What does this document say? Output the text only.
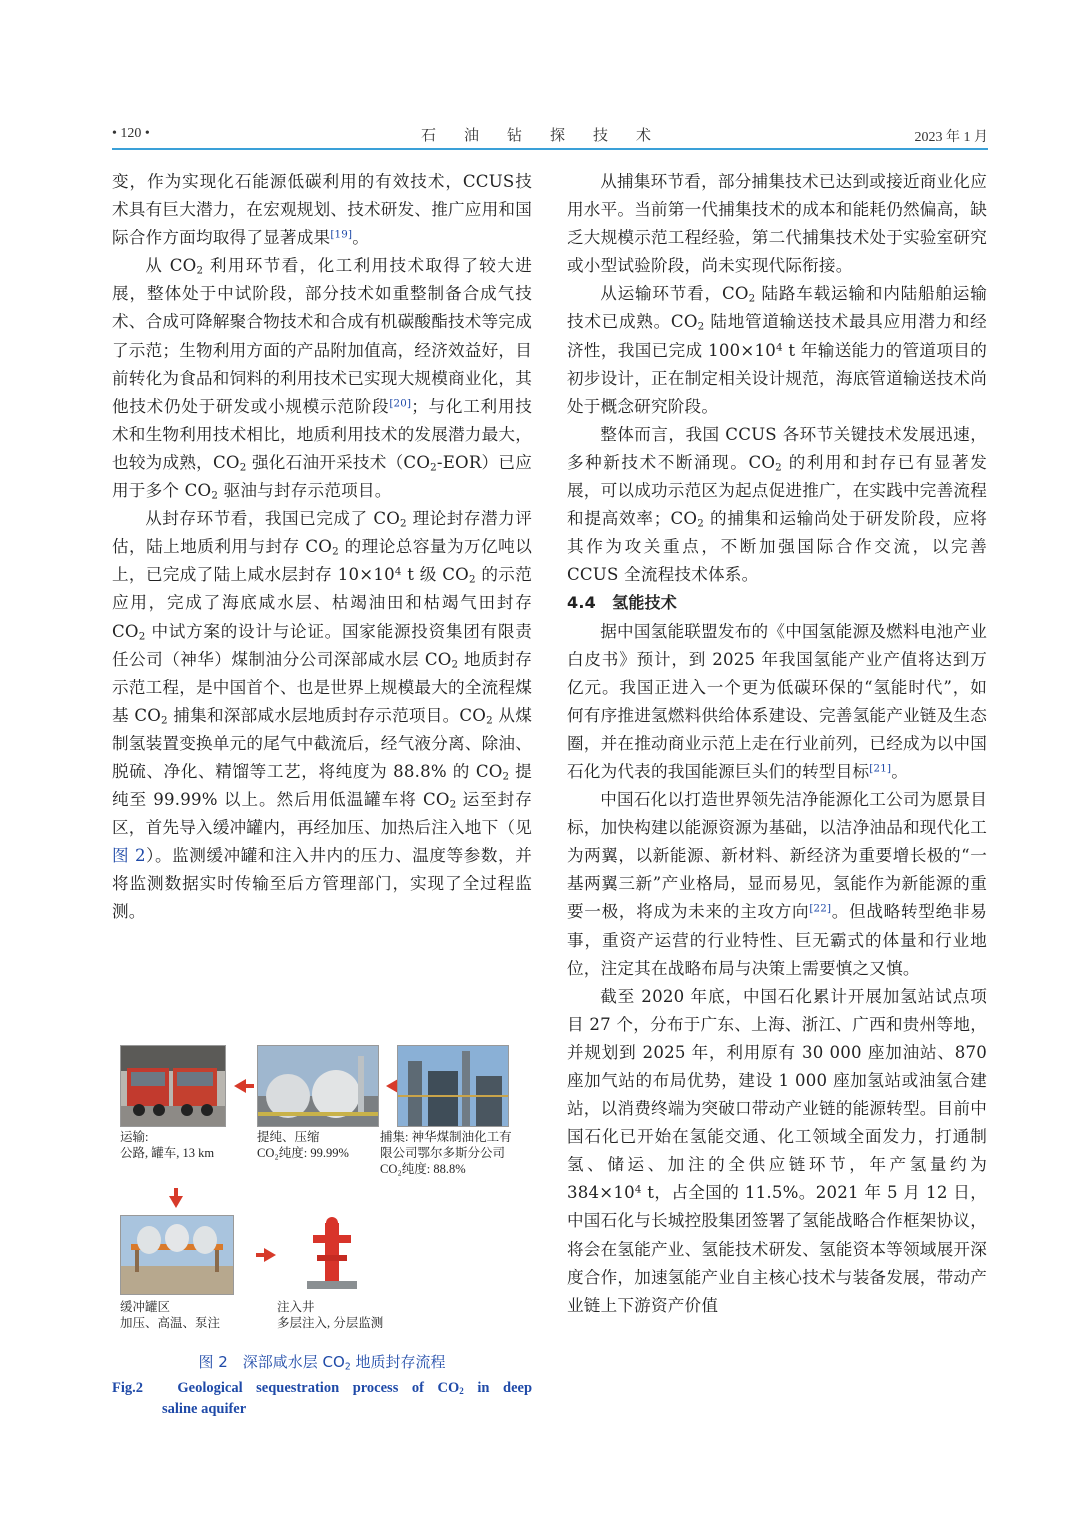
• 120 •	石油钻探技术	2023 年 1 月

变，作为实现化石能源低碳利用的有效技术，CCUS技术具有巨大潜力，在宏观规划、技术研发、推广应用和国际合作方面均取得了显著成果[19]。

从 $CO_2$ 利用环节看，化工利用技术取得了较大进展，整体处于中试阶段，部分技术如重整制备合成气技术、合成可降解聚合物技术和合成有机碳酸酯技术等完成了示范；生物利用方面的产品附加值高，经济效益好，目前转化为食品和饲料的利用技术已实现大规模商业化，其他技术仍处于研发或小规模示范阶段[20]；与化工利用技术和生物利用技术相比，地质利用技术的发展潜力最大，也较为成熟，$CO_2$ 强化石油开采技术$(CO_2-EOR)$已应用于多个 $CO_2$ 驱油与封存示范项目。

从封存环节看，我国已完成了 $CO_2$ 理论封存潜力评估，陆上地质利用与封存 $CO_2$ 的理论总容量为万亿吨以上，已完成了陆上咸水层封存 $10\times 10^4$ t 级 $CO_2$ 的示范应用，完成了海底咸水层、枯竭油田和枯竭气田封存 $CO_2$ 中试方案的设计与论证。国家能源投资集团有限责任公司（神华）煤制油分公司深部咸水层 $CO_2$ 地质封存示范工程，是中国首个、也是世界上规模最大的全流程煤基 $CO_2$ 捕集和深部咸水层地质封存示范项目。$CO_2$ 从煤制氢装置变换单元的尾气中截流后，经气液分离、除油、脱硫、净化、精馏等工艺，将纯度为 88.8% 的 $CO_2$ 提纯至 99.99% 以上。然后用低温罐车将 $CO_2$ 运至封存区，首先导入缓冲罐内，再经加压、加热后注入地下（见图 2）。监测缓冲罐和注入井内的压力、温度等参数，并将监测数据实时传输至后方管理部门，实现了全过程监测。

运输:
公路, 罐车, 13 km
提纯、压缩
CO₂纯度: 99.99%
捕集: 神华煤制油化工有
限公司鄂尔多斯分公司
CO₂纯度: 88.8%
缓冲罐区
加压、高温、泵注
注入井
多层注入, 分层监测
图 2　深部咸水层 $CO_2$ 地质封存流程
Fig.2　Geological sequestration process of $CO_2$ in deep
saline aquifer

从捕集环节看，部分捕集技术已达到或接近商业化应用水平。当前第一代捕集技术的成本和能耗仍然偏高，缺乏大规模示范工程经验，第二代捕集技术处于实验室研究或小型试验阶段，尚未实现代际衔接。

从运输环节看，$CO_2$ 陆路车载运输和内陆船舶运输技术已成熟。$CO_2$ 陆地管道输送技术最具应用潜力和经济性，我国已完成 $100\times 10^4$ t 年输送能力的管道项目的初步设计，正在制定相关设计规范，海底管道输送技术尚处于概念研究阶段。

整体而言，我国 CCUS 各环节关键技术发展迅速，多种新技术不断涌现。$CO_2$ 的利用和封存已有显著发展，可以成功示范区为起点促进推广，在实践中完善流程和提高效率；$CO_2$ 的捕集和运输尚处于研发阶段，应将其作为攻关重点，不断加强国际合作交流，以完善 CCUS 全流程技术体系。

4.4　氢能技术

据中国氢能联盟发布的《中国氢能源及燃料电池产业白皮书》预计，到 2025 年我国氢能产业产值将达到万亿元。我国正进入一个更为低碳环保的“氢能时代”，如何有序推进氢燃料供给体系建设、完善氢能产业链及生态圈，并在推动商业示范上走在行业前列，已经成为以中国石化为代表的我国能源巨头们的转型目标[21]。

中国石化以打造世界领先洁净能源化工公司为愿景目标，加快构建以能源资源为基础，以洁净油品和现代化工为两翼，以新能源、新材料、新经济为重要增长极的“一基两翼三新”产业格局，显而易见，氢能作为新能源的重要一极，将成为未来的主攻方向[22]。但战略转型绝非易事，重资产运营的行业特性、巨无霸式的体量和行业地位，注定其在战略布局与决策上需要慎之又慎。

截至 2020 年底，中国石化累计开展加氢站试点项目 27 个，分布于广东、上海、浙江、广西和贵州等地，并规划到 2025 年，利用原有 30 000 座加油站、870 座加气站的布局优势，建设 1 000 座加氢站或油氢合建站，以消费终端为突破口带动产业链的能源转型。目前中国石化已开始在氢能交通、化工领域全面发力，打通制氢、储运、加注的全供应链环节，年产氢量约为 $384\times 10^4$ t，占全国的 11.5%。2021 年 5 月 12 日，中国石化与长城控股集团签署了氢能战略合作框架协议，将会在氢能产业、氢能技术研发、氢能资本等领域展开深度合作，加速氢能产业自主核心技术与装备发展，带动产业链上下游资产价值
